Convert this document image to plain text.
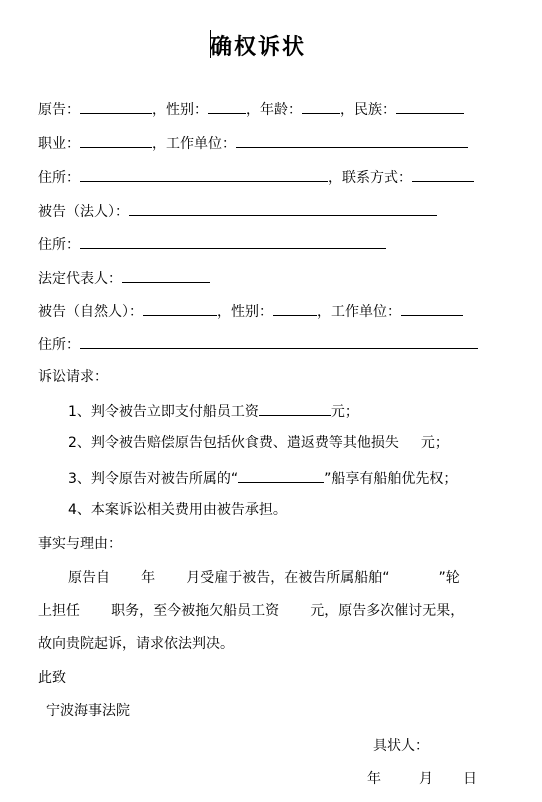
确权诉状
原告：	，性别：	，年龄：	，民族：
职业：	，工作单位：
住所：	，联系方式：
被告（法人）：
住所：
法定代表人：
被告（自然人）：	，性别：	，工作单位：
住所：
诉讼请求：
1、判令被告立即支付船员工资	元；
2、判令被告赔偿原告包括伙食费、遣返费等其他损失 元；
3、判令原告对被告所属的“	”船享有船舶优先权；
4、本案诉讼相关费用由被告承担。
事实与理由：
原告自       年       月受雇于被告，在被告所属船舶“           ”轮
上担任       职务，至今被拖欠船员工资       元，原告多次催讨无果，
故向贵院起诉，请求依法判决。
此致
宁波海事法院
具状人：
年	月 日
